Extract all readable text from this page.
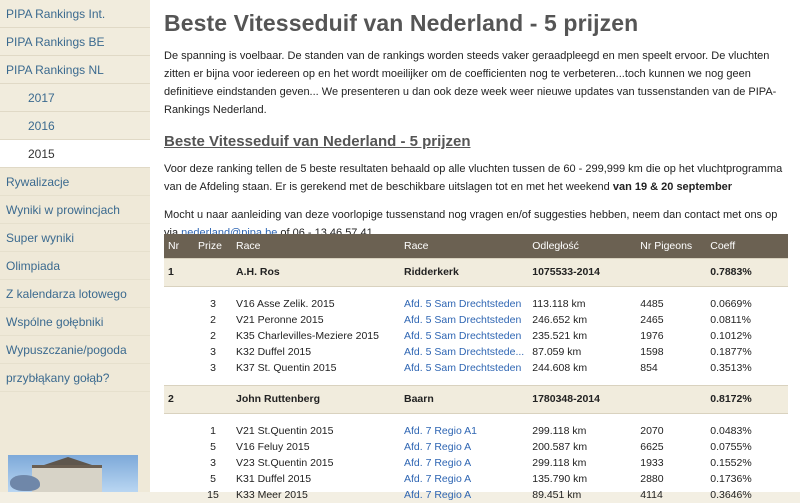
PIPA Rankings Int.
PIPA Rankings BE
PIPA Rankings NL
2017
2016
2015
Rywalizacje
Wyniki w prowincjach
Super wyniki
Olimpiada
Z kalendarza lotowego
Wspólne gołębniki
Wypuszczanie/pogoda
przybłąkany gołąb?
Beste Vitesseduif van Nederland - 5 prijzen

De spanning is voelbaar. De standen van de rankings worden steeds vaker geraadpleegd en men speelt ervoor. De vluchten zitten er bijna voor iedereen op en het wordt moeilijker om de coefficienten nog te verbeteren...toch kunnen we nog geen definitieve eindstanden geven... We presenteren u dan ook deze week weer nieuwe updates van tussenstanden van de PIPA-Rankings Nederland.

Beste Vitesseduif van Nederland - 5 prijzen

Voor deze ranking tellen de 5 beste resultaten behaald op alle vluchten tussen de 60 - 299,999 km die op het vluchtprogramma van de Afdeling staan. Er is gerekend met de beschikbare uitslagen tot en met het weekend van 19 & 20 september

Mocht u naar aanleiding van deze voorlopige tussenstand nog vragen en/of suggesties hebben, neem dan contact met ons op via nederland@pipa.be of 06 - 13 46 57 41

Nr	Prize	Race	Race	Odległość	Nr Pigeons	Coeff
1		A.H. Ros	Ridderkerk	1075533-2014		0.7883%

	3	V16 Asse Zelik. 2015	Afd. 5 Sam Drechtsteden	113.118 km	4485	0.0669%
	2	V21 Peronne 2015	Afd. 5 Sam Drechtsteden	246.652 km	2465	0.0811%
	2	K35 Charlevilles-Meziere 2015	Afd. 5 Sam Drechtsteden	235.521 km	1976	0.1012%
	3	K32 Duffel 2015	Afd. 5 Sam Drechtstede...	87.059 km	1598	0.1877%
	3	K37 St. Quentin 2015	Afd. 5 Sam Drechtsteden	244.608 km	854	0.3513%

2		John Ruttenberg	Baarn	1780348-2014		0.8172%

	1	V21 St.Quentin 2015	Afd. 7 Regio A1	299.118 km	2070	0.0483%
	5	V16 Feluy 2015	Afd. 7 Regio A	200.587 km	6625	0.0755%
	3	V23 St.Quentin 2015	Afd. 7 Regio A	299.118 km	1933	0.1552%
	5	K31 Duffel 2015	Afd. 7 Regio A	135.790 km	2880	0.1736%
	15	K33 Meer 2015	Afd. 7 Regio A	89.451 km	4114	0.3646%
